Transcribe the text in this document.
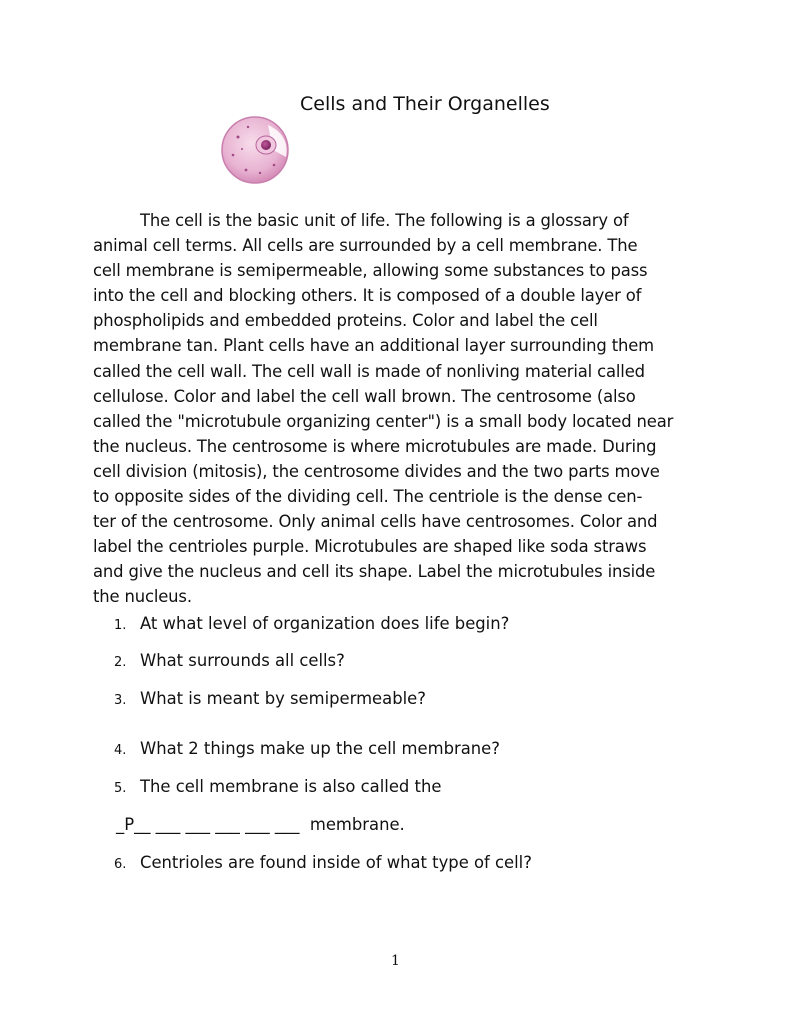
Cells and Their Organelles

The cell is the basic unit of life. The following is a glossary of
animal cell terms. All cells are surrounded by a cell membrane. The
cell membrane is semipermeable, allowing some substances to pass
into the cell and blocking others. It is composed of a double layer of
phospholipids and embedded proteins. Color and label the cell
membrane tan. Plant cells have an additional layer surrounding them
called the cell wall. The cell wall is made of nonliving material called
cellulose. Color and label the cell wall brown. The centrosome (also
called the "microtubule organizing center") is a small body located near
the nucleus. The centrosome is where microtubules are made. During
cell division (mitosis), the centrosome divides and the two parts move
to opposite sides of the dividing cell. The centriole is the dense cen-
ter of the centrosome. Only animal cells have centrosomes. Color and
label the centrioles purple. Microtubules are shaped like soda straws
and give the nucleus and cell its shape. Label the microtubules inside
the nucleus.

1. At what level of organization does life begin?
2. What surrounds all cells?
3. What is meant by semipermeable?
4. What 2 things make up the cell membrane?
5. The cell membrane is also called the
_P__ ___ ___ ___ ___ ___ membrane.
6. Centrioles are found inside of what type of cell?
1
